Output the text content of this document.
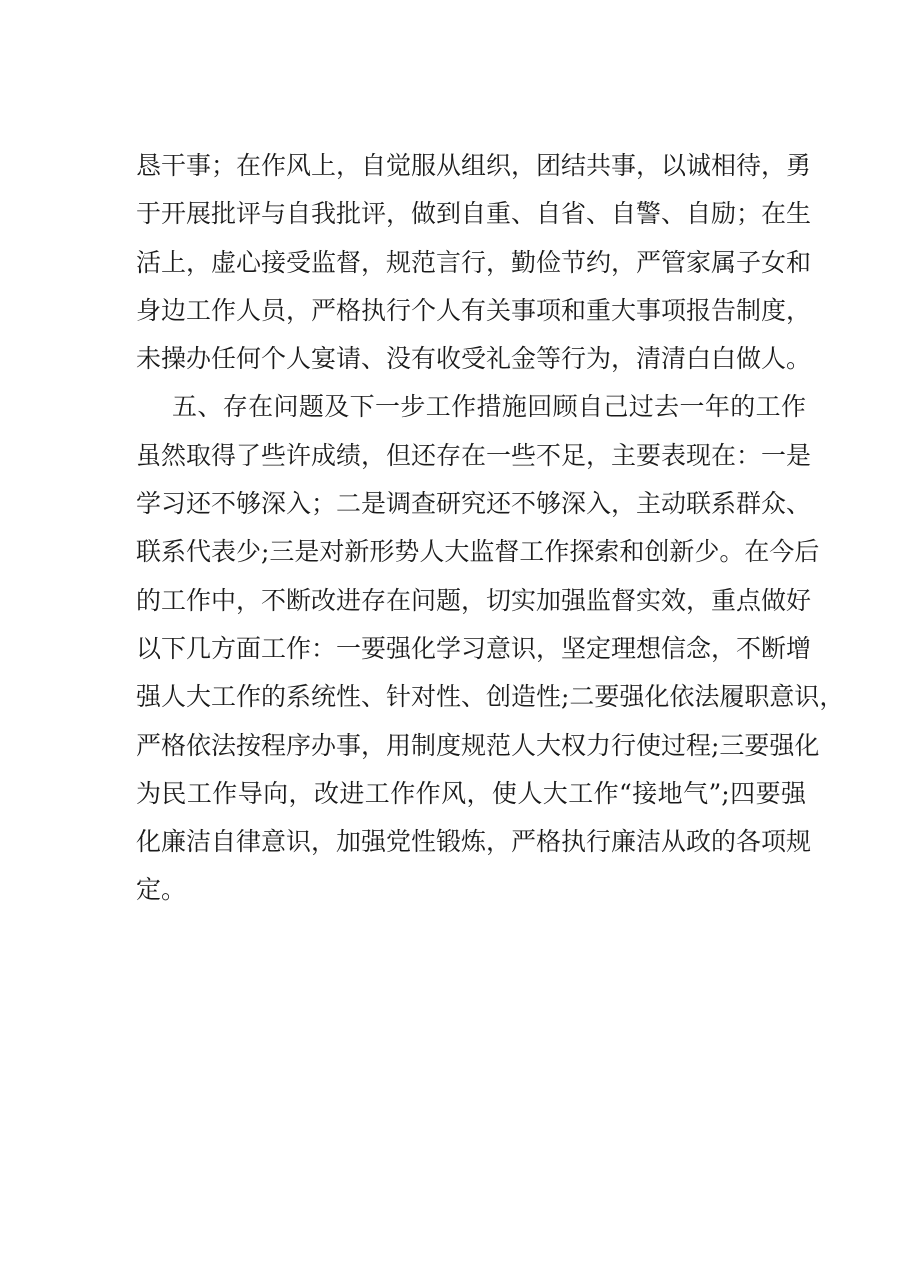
恳干事；在作风上，自觉服从组织，团结共事，以诚相待，勇
于开展批评与自我批评，做到自重、自省、自警、自励；在生
活上，虚心接受监督，规范言行，勤俭节约，严管家属子女和
身边工作人员，严格执行个人有关事项和重大事项报告制度，
未操办任何个人宴请、没有收受礼金等行为，清清白白做人。
五、存在问题及下一步工作措施回顾自己过去一年的工作
虽然取得了些许成绩，但还存在一些不足，主要表现在：一是
学习还不够深入；二是调查研究还不够深入，主动联系群众、
联系代表少;三是对新形势人大监督工作探索和创新少。在今后
的工作中，不断改进存在问题，切实加强监督实效，重点做好
以下几方面工作：一要强化学习意识，坚定理想信念，不断增
强人大工作的系统性、针对性、创造性;二要强化依法履职意识，
严格依法按程序办事，用制度规范人大权力行使过程;三要强化
为民工作导向，改进工作作风，使人大工作“接地气”;四要强
化廉洁自律意识，加强党性锻炼，严格执行廉洁从政的各项规
定。
